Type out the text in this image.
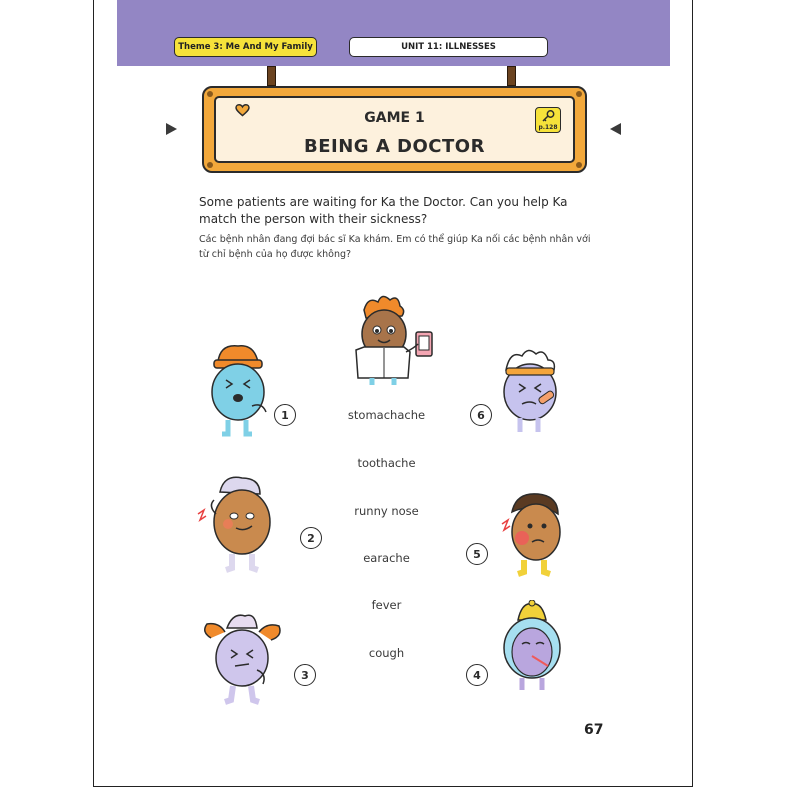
Theme 3: Me And My Family	UNIT 11: ILLNESSES
GAME 1
BEING A DOCTOR
p.128
Some patients are waiting for Ka the Doctor. Can you help Ka match the person with their sickness?
Các bệnh nhân đang đợi bác sĩ Ka khám. Em có thể giúp Ka nối các bệnh nhân với từ chỉ bệnh của họ được không?
stomachache
toothache
runny nose
earache
fever
cough
1	6
2
5
3	4
67
